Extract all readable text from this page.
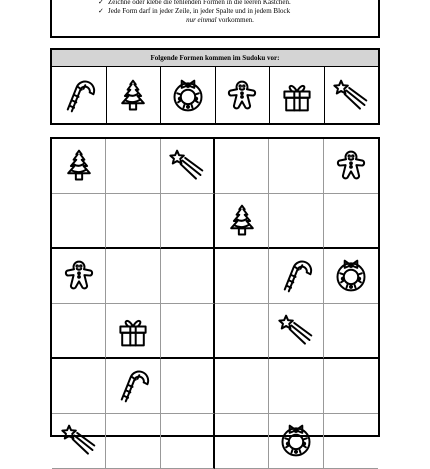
✓ Zeichne oder klebe die fehlenden Formen in die leeren Kästchen.
✓ Jede Form darf in jeder Zeile, in jeder Spalte und in jedem Block
nur einmal vorkommen.
Folgende Formen kommen im Sudoku vor:
